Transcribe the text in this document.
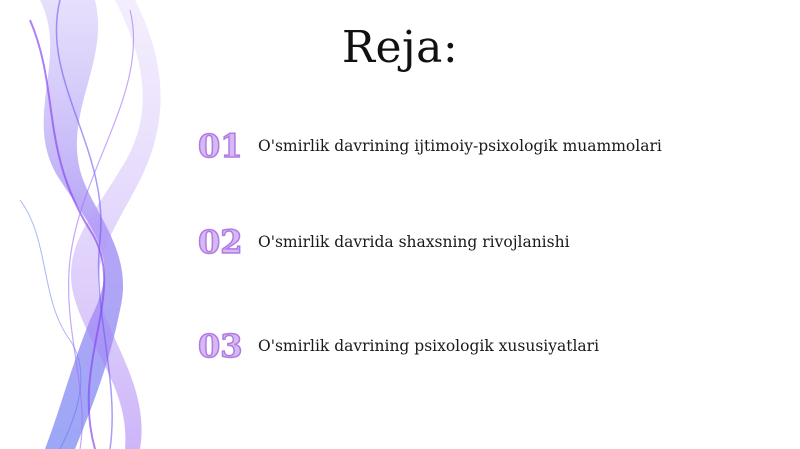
Reja:
01 O'smirlik davrining ijtimoiy-psixologik muammolari
02 O'smirlik davrida shaxsning rivojlanishi
03 O'smirlik davrining psixologik xususiyatlari
